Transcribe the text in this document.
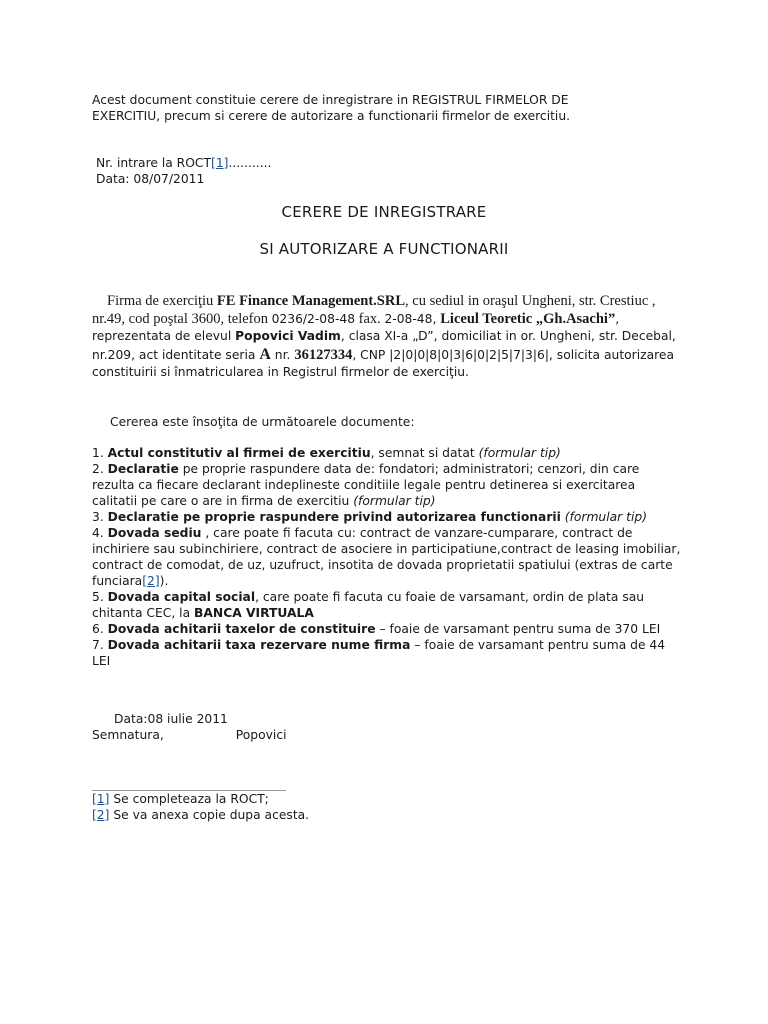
Acest document constituie cerere de inregistrare in REGISTRUL FIRMELOR DE

EXERCITIU, precum si cerere de autorizare a functionarii firmelor de exercitiu.

Nr. intrare la ROCT[1]...........

Data: 08/07/2011

CERERE DE INREGISTRARE
SI AUTORIZARE A FUNCTIONARII

Firma de exerciţiu FE Finance Management.SRL, cu sediul in oraşul Ungheni, str. Crestiuc , nr.49, cod poştal 3600, telefon 0236/2-08-48 fax. 2-08-48, Liceul Teoretic „Gh.Asachi”, reprezentata de elevul Popovici Vadim, clasa XI-a „D”, domiciliat in or. Ungheni, str. Decebal, nr.209, act identitate seria A nr. 36127334, CNP |2|0|0|8|0|3|6|0|2|5|7|3|6|, solicita autorizarea constituirii si înmatricularea in Registrul firmelor de exerciţiu.

Cererea este însoţita de următoarele documente:

1. Actul constitutiv al firmei de exercitiu, semnat si datat (formular tip)

2. Declaratie pe proprie raspundere data de: fondatori; administratori; cenzori, din care rezulta ca fiecare declarant indeplineste conditiile legale pentru detinerea si exercitarea calitatii pe care o are in firma de exercitiu (formular tip)

3. Declaratie pe proprie raspundere privind autorizarea functionarii (formular tip)

4. Dovada sediu , care poate fi facuta cu: contract de vanzare-cumparare, contract de inchiriere sau subinchiriere, contract de asociere in participatiune,contract de leasing imobiliar, contract de comodat, de uz, uzufruct, insotita de dovada proprietatii spatiului (extras de carte funciara[2]).

5. Dovada capital social, care poate fi facuta cu foaie de varsamant, ordin de plata sau chitanta CEC, la BANCA VIRTUALA

6. Dovada achitarii taxelor de constituire – foaie de varsamant pentru suma de 370 LEI

7. Dovada achitarii taxa rezervare nume firma – foaie de varsamant pentru suma de 44 LEI

Data:08 iulie 2011

Semnatura,	Popovici

[1] Se completeaza la ROCT;

[2] Se va anexa copie dupa acesta.
